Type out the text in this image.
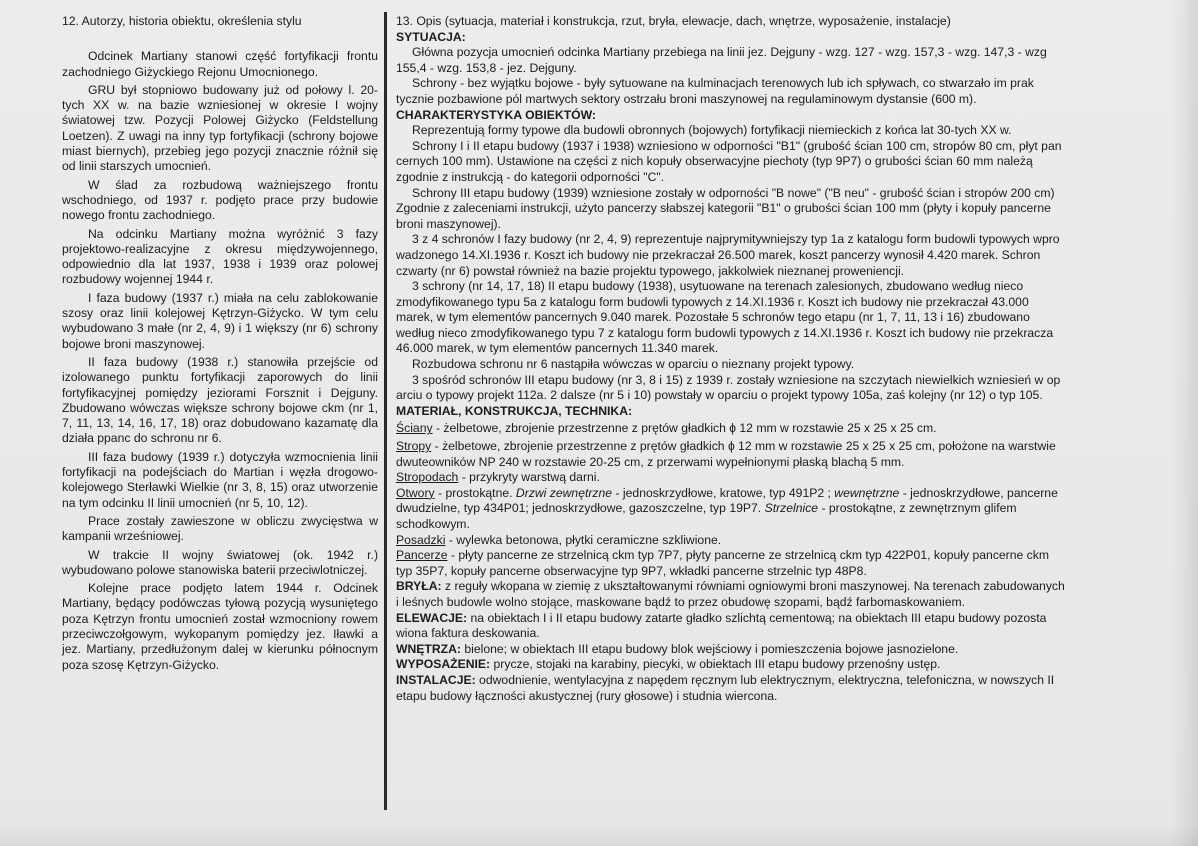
12. Autorzy, historia obiektu, określenia stylu

Odcinek Martiany stanowi część fortyfikacji frontu zachodniego Giżyckiego Rejonu Umocnionego.

GRU był stopniowo budowany już od połowy l. 20-tych XX w. na bazie wzniesionej w okresie I wojny światowej tzw. Pozycji Polowej Giżycko (Feldstellung Loetzen). Z uwagi na inny typ fortyfikacji (schrony bojowe miast biernych), przebieg jego pozycji znacznie różnił się od linii starszych umocnień.

W ślad za rozbudową ważniejszego frontu wschodniego, od 1937 r. podjęto prace przy budowie nowego frontu zachodniego.

Na odcinku Martiany można wyróżnić 3 fazy projektowo-realizacyjne z okresu międzywojennego, odpowiednio dla lat 1937, 1938 i 1939 oraz polowej rozbudowy wojennej 1944 r.

I faza budowy (1937 r.) miała na celu zablokowanie szosy oraz linii kolejowej Kętrzyn-Giżycko. W tym celu wybudowano 3 małe (nr 2, 4, 9) i 1 większy (nr 6) schrony bojowe broni maszynowej.

II faza budowy (1938 r.) stanowiła przejście od izolowanego punktu fortyfikacji zaporowych do linii fortyfikacyjnej pomiędzy jeziorami Forsznit i Dejguny. Zbudowano wówczas większe schrony bojowe ckm (nr 1, 7, 11, 13, 14, 16, 17, 18) oraz dobudowano kazamatę dla działa ppanc do schronu nr 6.

III faza budowy (1939 r.) dotyczyła wzmocnienia linii fortyfikacji na podejściach do Martian i węzła drogowo-kolejowego Sterławki Wielkie (nr 3, 8, 15) oraz utworzenie na tym odcinku II linii umocnień (nr 5, 10, 12).

Prace zostały zawieszone w obliczu zwycięstwa w kampanii wrześniowej.

W trakcie II wojny światowej (ok. 1942 r.) wybudowano polowe stanowiska baterii przeciwlotniczej.

Kolejne prace podjęto latem 1944 r. Odcinek Martiany, będący podówczas tyłową pozycją wysuniętego poza Kętrzyn frontu umocnień został wzmocniony rowem przeciwczołgowym, wykopanym pomiędzy jez. Iławki a jez. Martiany, przedłużonym dalej w kierunku północnym poza szosę Kętrzyn-Giżycko.

13. Opis (sytuacja, materiał i konstrukcja, rzut, bryła, elewacje, dach, wnętrze, wyposażenie, instalacje)
SYTUACJA:
Główna pozycja umocnień odcinka Martiany przebiega na linii jez. Dejguny - wzg. 127 - wzg. 157,3 - wzg. 147,3 - wzg
155,4 - wzg. 153,8 - jez. Dejguny.
Schrony - bez wyjątku bojowe - były sytuowane na kulminacjach terenowych lub ich spływach, co stwarzało im prak
tycznie pozbawione pól martwych sektory ostrzału broni maszynowej na regulaminowym dystansie (600 m).
CHARAKTERYSTYKA OBIEKTÓW:
Reprezentują formy typowe dla budowli obronnych (bojowych) fortyfikacji niemieckich z końca lat 30-tych XX w.
Schrony I i II etapu budowy (1937 i 1938) wzniesiono w odporności "B1" (grubość ścian 100 cm, stropów 80 cm, płyt pan
cernych 100 mm). Ustawione na części z nich kopuły obserwacyjne piechoty (typ 9P7) o grubości ścian 60 mm należą
zgodnie z instrukcją - do kategorii odporności "C".
Schrony III etapu budowy (1939) wzniesione zostały w odporności "B nowe" ("B neu" - grubość ścian i stropów 200 cm)
Zgodnie z zaleceniami instrukcji, użyto pancerzy słabszej kategorii "B1" o grubości ścian 100 mm (płyty i kopuły pancerne
broni maszynowej).
3 z 4 schronów I fazy budowy (nr 2, 4, 9) reprezentuje najprymitywniejszy typ 1a z katalogu form budowli typowych wpro
wadzonego 14.XI.1936 r. Koszt ich budowy nie przekraczał 26.500 marek, koszt pancerzy wynosił 4.420 marek. Schron
czwarty (nr 6) powstał również na bazie projektu typowego, jakkolwiek nieznanej proweniencji.
3 schrony (nr 14, 17, 18) II etapu budowy (1938), usytuowane na terenach zalesionych, zbudowano według nieco
zmodyfikowanego typu 5a z katalogu form budowli typowych z 14.XI.1936 r. Koszt ich budowy nie przekraczał 43.000
marek, w tym elementów pancernych 9.040 marek. Pozostałe 5 schronów tego etapu (nr 1, 7, 11, 13 i 16) zbudowano
według nieco zmodyfikowanego typu 7 z katalogu form budowli typowych z 14.XI.1936 r. Koszt ich budowy nie przekracza
46.000 marek, w tym elementów pancernych 11.340 marek.
Rozbudowa schronu nr 6 nastąpiła wówczas w oparciu o nieznany projekt typowy.
3 spośród schronów III etapu budowy (nr 3, 8 i 15) z 1939 r. zostały wzniesione na szczytach niewielkich wzniesień w op
arciu o typowy projekt 112a. 2 dalsze (nr 5 i 10) powstały w oparciu o projekt typowy 105a, zaś kolejny (nr 12) o typ 105.
MATERIAŁ, KONSTRUKCJA, TECHNIKA:
Ściany - żelbetowe, zbrojenie przestrzenne z prętów gładkich ɸ 12 mm w rozstawie 25 x 25 x 25 cm.
Stropy - żelbetowe, zbrojenie przestrzenne z prętów gładkich ɸ 12 mm w rozstawie 25 x 25 x 25 cm, położone na warstwie
dwuteowników NP 240 w rozstawie 20-25 cm, z przerwami wypełnionymi płaską blachą 5 mm.
Stropodach - przykryty warstwą darni.
Otwory - prostokątne. Drzwi zewnętrzne - jednoskrzydłowe, kratowe, typ 491P2 ; wewnętrzne - jednoskrzydłowe, pancerne
dwudzielne, typ 434P01; jednoskrzydłowe, gazoszczelne, typ 19P7. Strzelnice - prostokątne, z zewnętrznym glifem
schodkowym.
Posadzki - wylewka betonowa, płytki ceramiczne szkliwione.
Pancerze - płyty pancerne ze strzelnicą ckm typ 7P7, płyty pancerne ze strzelnicą ckm typ 422P01, kopuły pancerne ckm
typ 35P7, kopuły pancerne obserwacyjne typ 9P7, wkładki pancerne strzelnic typ 48P8.
BRYŁA: z reguły wkopana w ziemię z ukształtowanymi równiami ogniowymi broni maszynowej. Na terenach zabudowanych
i leśnych budowle wolno stojące, maskowane bądź to przez obudowę szopami, bądź farbomaskowaniem.
ELEWACJE: na obiektach I i II etapu budowy zatarte gładko szlichtą cementową; na obiektach III etapu budowy pozosta
wiona faktura deskowania.
WNĘTRZA: bielone; w obiektach III etapu budowy blok wejściowy i pomieszczenia bojowe jasnozielone.
WYPOSAŻENIE: prycze, stojaki na karabiny, piecyki, w obiektach III etapu budowy przenośny ustęp.
INSTALACJE: odwodnienie, wentylacyjna z napędem ręcznym lub elektrycznym, elektryczna, telefoniczna, w nowszych II
etapu budowy łączności akustycznej (rury głosowe) i studnia wiercona.
